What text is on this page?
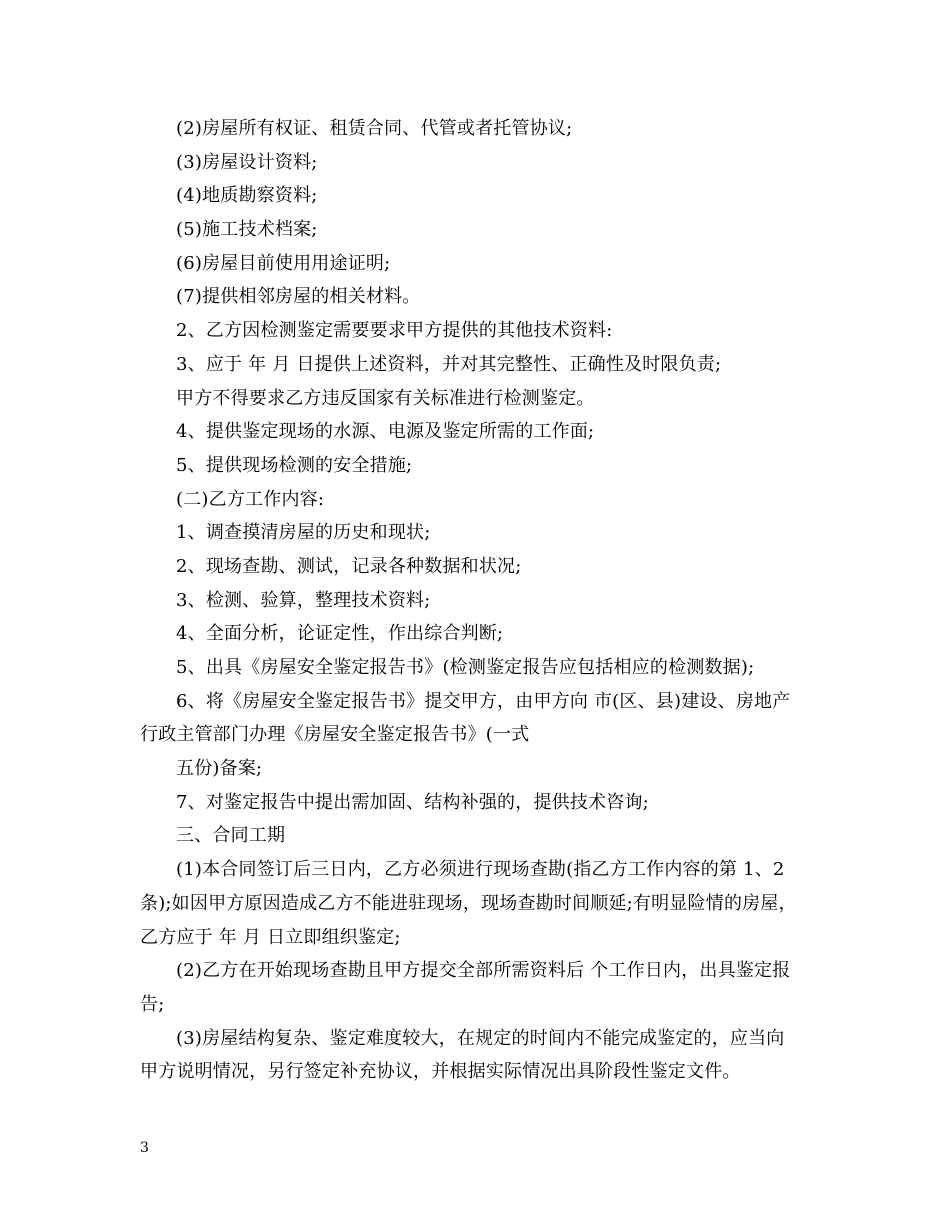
(2)房屋所有权证、租赁合同、代管或者托管协议;
(3)房屋设计资料;
(4)地质勘察资料;
(5)施工技术档案;
(6)房屋目前使用用途证明;
(7)提供相邻房屋的相关材料。
2、乙方因检测鉴定需要要求甲方提供的其他技术资料:
3、应于 年 月 日提供上述资料，并对其完整性、正确性及时限负责;
甲方不得要求乙方违反国家有关标准进行检测鉴定。
4、提供鉴定现场的水源、电源及鉴定所需的工作面;
5、提供现场检测的安全措施;
(二)乙方工作内容:
1、调查摸清房屋的历史和现状;
2、现场查勘、测试，记录各种数据和状况;
3、检测、验算，整理技术资料;
4、全面分析，论证定性，作出综合判断;
5、出具《房屋安全鉴定报告书》(检测鉴定报告应包括相应的检测数据);
6、将《房屋安全鉴定报告书》提交甲方，由甲方向 市(区、县)建设、房地产
行政主管部门办理《房屋安全鉴定报告书》(一式
五份)备案;
7、对鉴定报告中提出需加固、结构补强的，提供技术咨询;
三、合同工期
(1)本合同签订后三日内，乙方必须进行现场查勘(指乙方工作内容的第 1、2
条);如因甲方原因造成乙方不能进驻现场，现场查勘时间顺延;有明显险情的房屋，
乙方应于 年 月 日立即组织鉴定;
(2)乙方在开始现场查勘且甲方提交全部所需资料后 个工作日内，出具鉴定报
告;
(3)房屋结构复杂、鉴定难度较大，在规定的时间内不能完成鉴定的，应当向
甲方说明情况，另行签定补充协议，并根据实际情况出具阶段性鉴定文件。
3
